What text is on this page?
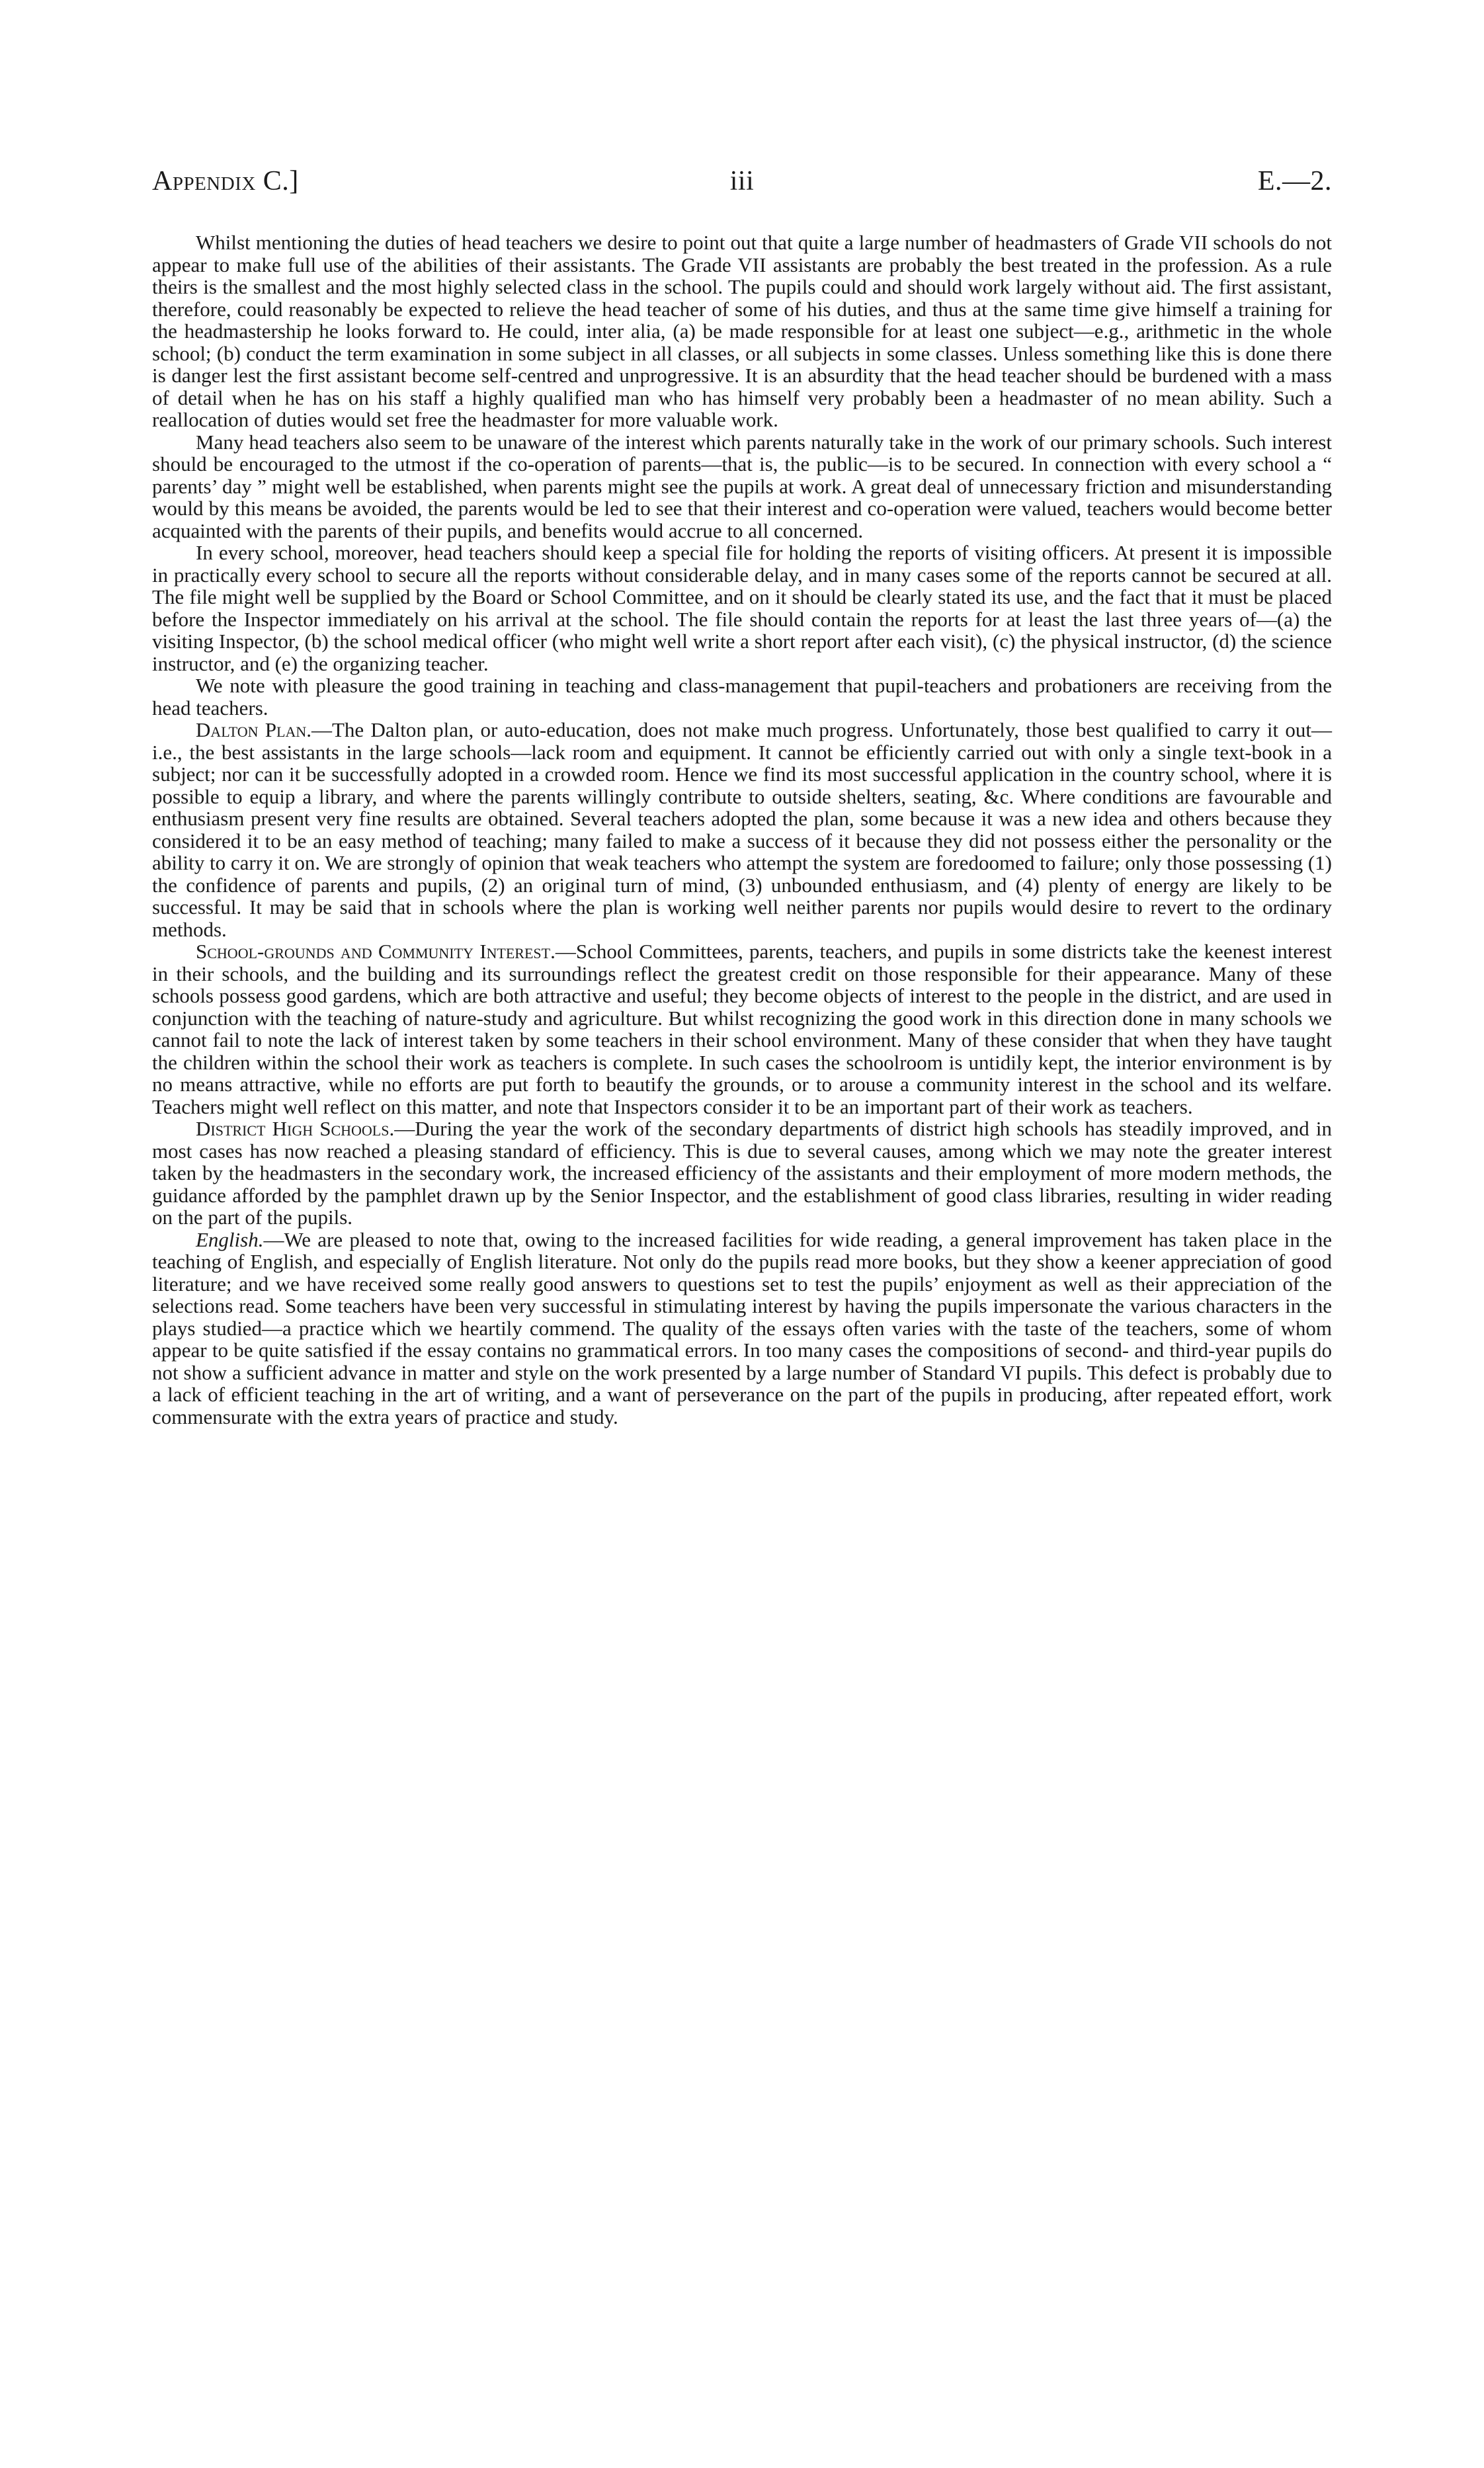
Appendix C.]	iii	E.—2.

Whilst mentioning the duties of head teachers we desire to point out that quite a large number of headmasters of Grade VII schools do not appear to make full use of the abilities of their assistants. The Grade VII assistants are probably the best treated in the profession. As a rule theirs is the smallest and the most highly selected class in the school. The pupils could and should work largely without aid. The first assistant, therefore, could reasonably be expected to relieve the head teacher of some of his duties, and thus at the same time give himself a training for the headmastership he looks forward to. He could, inter alia, (a) be made responsible for at least one subject—e.g., arithmetic in the whole school; (b) conduct the term examination in some subject in all classes, or all subjects in some classes. Unless something like this is done there is danger lest the first assistant become self-centred and unprogressive. It is an absurdity that the head teacher should be burdened with a mass of detail when he has on his staff a highly qualified man who has himself very probably been a headmaster of no mean ability. Such a reallocation of duties would set free the headmaster for more valuable work.

Many head teachers also seem to be unaware of the interest which parents naturally take in the work of our primary schools. Such interest should be encouraged to the utmost if the co-operation of parents—that is, the public—is to be secured. In connection with every school a “ parents’ day ” might well be established, when parents might see the pupils at work. A great deal of unnecessary friction and misunderstanding would by this means be avoided, the parents would be led to see that their interest and co-operation were valued, teachers would become better acquainted with the parents of their pupils, and benefits would accrue to all concerned.

In every school, moreover, head teachers should keep a special file for holding the reports of visiting officers. At present it is impossible in practically every school to secure all the reports without considerable delay, and in many cases some of the reports cannot be secured at all. The file might well be supplied by the Board or School Committee, and on it should be clearly stated its use, and the fact that it must be placed before the Inspector immediately on his arrival at the school. The file should contain the reports for at least the last three years of—(a) the visiting Inspector, (b) the school medical officer (who might well write a short report after each visit), (c) the physical instructor, (d) the science instructor, and (e) the organizing teacher.

We note with pleasure the good training in teaching and class-management that pupil-teachers and probationers are receiving from the head teachers.

Dalton Plan.—The Dalton plan, or auto-education, does not make much progress. Unfortunately, those best qualified to carry it out—i.e., the best assistants in the large schools—lack room and equipment. It cannot be efficiently carried out with only a single text-book in a subject; nor can it be successfully adopted in a crowded room. Hence we find its most successful application in the country school, where it is possible to equip a library, and where the parents willingly contribute to outside shelters, seating, &c. Where conditions are favourable and enthusiasm present very fine results are obtained. Several teachers adopted the plan, some because it was a new idea and others because they considered it to be an easy method of teaching; many failed to make a success of it because they did not possess either the personality or the ability to carry it on. We are strongly of opinion that weak teachers who attempt the system are foredoomed to failure; only those possessing (1) the confidence of parents and pupils, (2) an original turn of mind, (3) unbounded enthusiasm, and (4) plenty of energy are likely to be successful. It may be said that in schools where the plan is working well neither parents nor pupils would desire to revert to the ordinary methods.

School-grounds and Community Interest.—School Committees, parents, teachers, and pupils in some districts take the keenest interest in their schools, and the building and its surroundings reflect the greatest credit on those responsible for their appearance. Many of these schools possess good gardens, which are both attractive and useful; they become objects of interest to the people in the district, and are used in conjunction with the teaching of nature-study and agriculture. But whilst recognizing the good work in this direction done in many schools we cannot fail to note the lack of interest taken by some teachers in their school environment. Many of these consider that when they have taught the children within the school their work as teachers is complete. In such cases the schoolroom is untidily kept, the interior environment is by no means attractive, while no efforts are put forth to beautify the grounds, or to arouse a community interest in the school and its welfare. Teachers might well reflect on this matter, and note that Inspectors consider it to be an important part of their work as teachers.

District High Schools.—During the year the work of the secondary departments of district high schools has steadily improved, and in most cases has now reached a pleasing standard of efficiency. This is due to several causes, among which we may note the greater interest taken by the headmasters in the secondary work, the increased efficiency of the assistants and their employment of more modern methods, the guidance afforded by the pamphlet drawn up by the Senior Inspector, and the establishment of good class libraries, resulting in wider reading on the part of the pupils.

English.—We are pleased to note that, owing to the increased facilities for wide reading, a general improvement has taken place in the teaching of English, and especially of English literature. Not only do the pupils read more books, but they show a keener appreciation of good literature; and we have received some really good answers to questions set to test the pupils’ enjoyment as well as their appreciation of the selections read. Some teachers have been very successful in stimulating interest by having the pupils impersonate the various characters in the plays studied—a practice which we heartily commend. The quality of the essays often varies with the taste of the teachers, some of whom appear to be quite satisfied if the essay contains no grammatical errors. In too many cases the compositions of second- and third-year pupils do not show a sufficient advance in matter and style on the work presented by a large number of Standard VI pupils. This defect is probably due to a lack of efficient teaching in the art of writing, and a want of perseverance on the part of the pupils in producing, after repeated effort, work commensurate with the extra years of practice and study.
